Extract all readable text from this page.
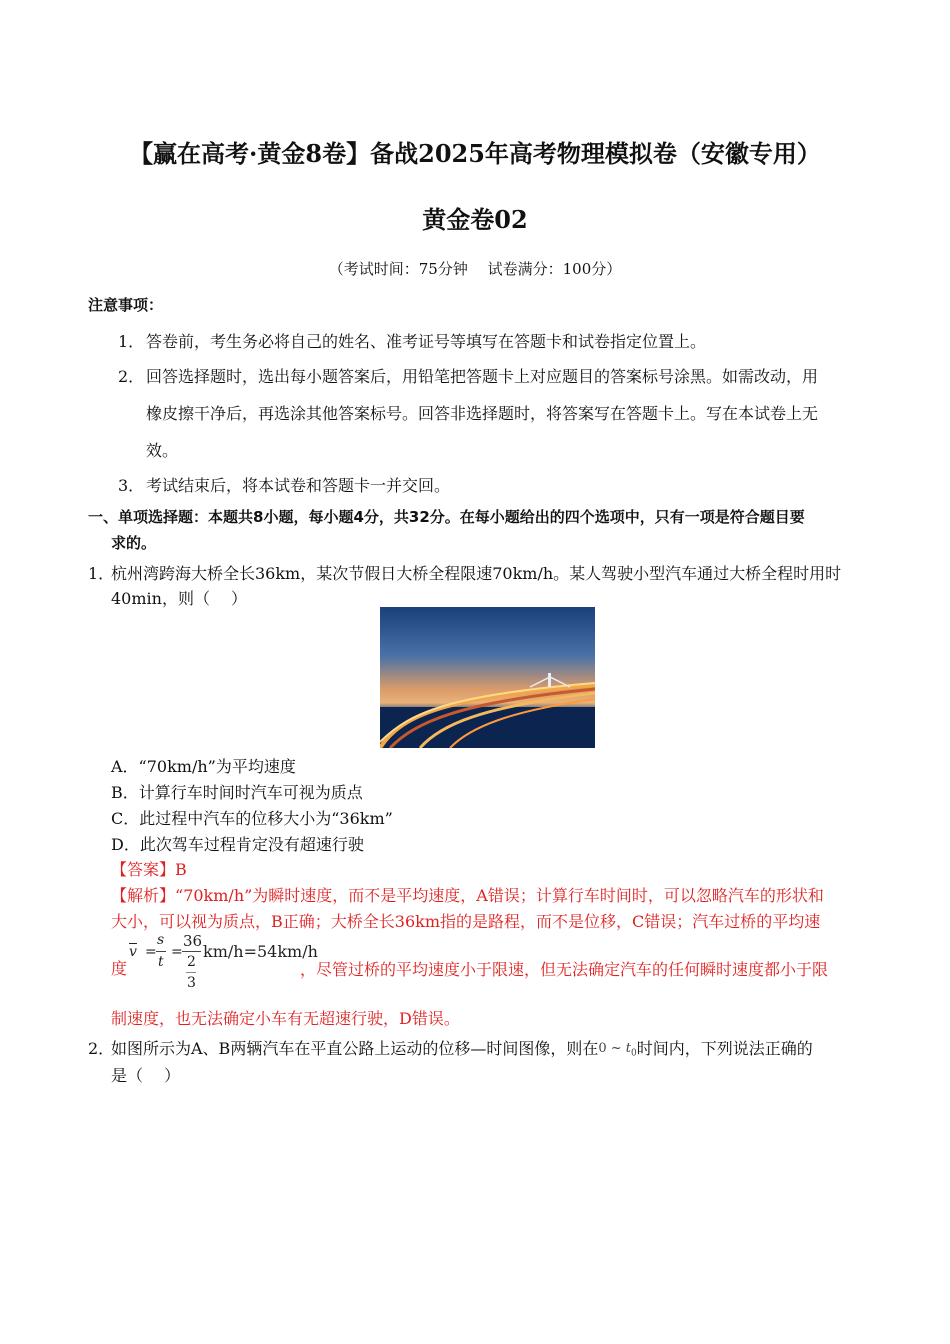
【赢在高考·黄金8卷】备战2025年高考物理模拟卷（安徽专用）
黄金卷02
（考试时间：75分钟　 试卷满分：100分）
注意事项：
1． 答卷前，考生务必将自己的姓名、准考证号等填写在答题卡和试卷指定位置上。
2． 回答选择题时，选出每小题答案后，用铅笔把答题卡上对应题目的答案标号涂黑。如需改动，用
橡皮擦干净后，再选涂其他答案标号。回答非选择题时，将答案写在答题卡上。写在本试卷上无
效。
3． 考试结束后，将本试卷和答题卡一并交回。
一、单项选择题：本题共8小题，每小题4分，共32分。在每小题给出的四个选项中，只有一项是符合题目要
求的。
1．
杭州湾跨海大桥全长36km，某次节假日大桥全程限速70km/h。某人驾驶小型汽车通过大桥全程时用时
40min，则（　 ）
A．“70km/h”为平均速度
B．计算行车时间时汽车可视为质点
C．此过程中汽车的位移大小为“36km”
D．此次驾车过程肯定没有超速行驶
【答案】B
【解析】“70km/h”为瞬时速度，而不是平均速度，A错误；计算行车时间时，可以忽略汽车的形状和
大小，可以视为质点，B正确；大桥全长36km指的是路程，而不是位移，C错误；汽车过桥的平均速
度
$\overline{v}$ =
s
t
=
36
2
3
km/h=54km/h
，尽管过桥的平均速度小于限速，但无法确定汽车的任何瞬时速度都小于限
制速度，也无法确定小车有无超速行驶，D错误。
2．
如图所示为A、B两辆汽车在平直公路上运动的位移—时间图像，则在0 ~ $t_0$时间内，下列说法正确的
是（　 ）
